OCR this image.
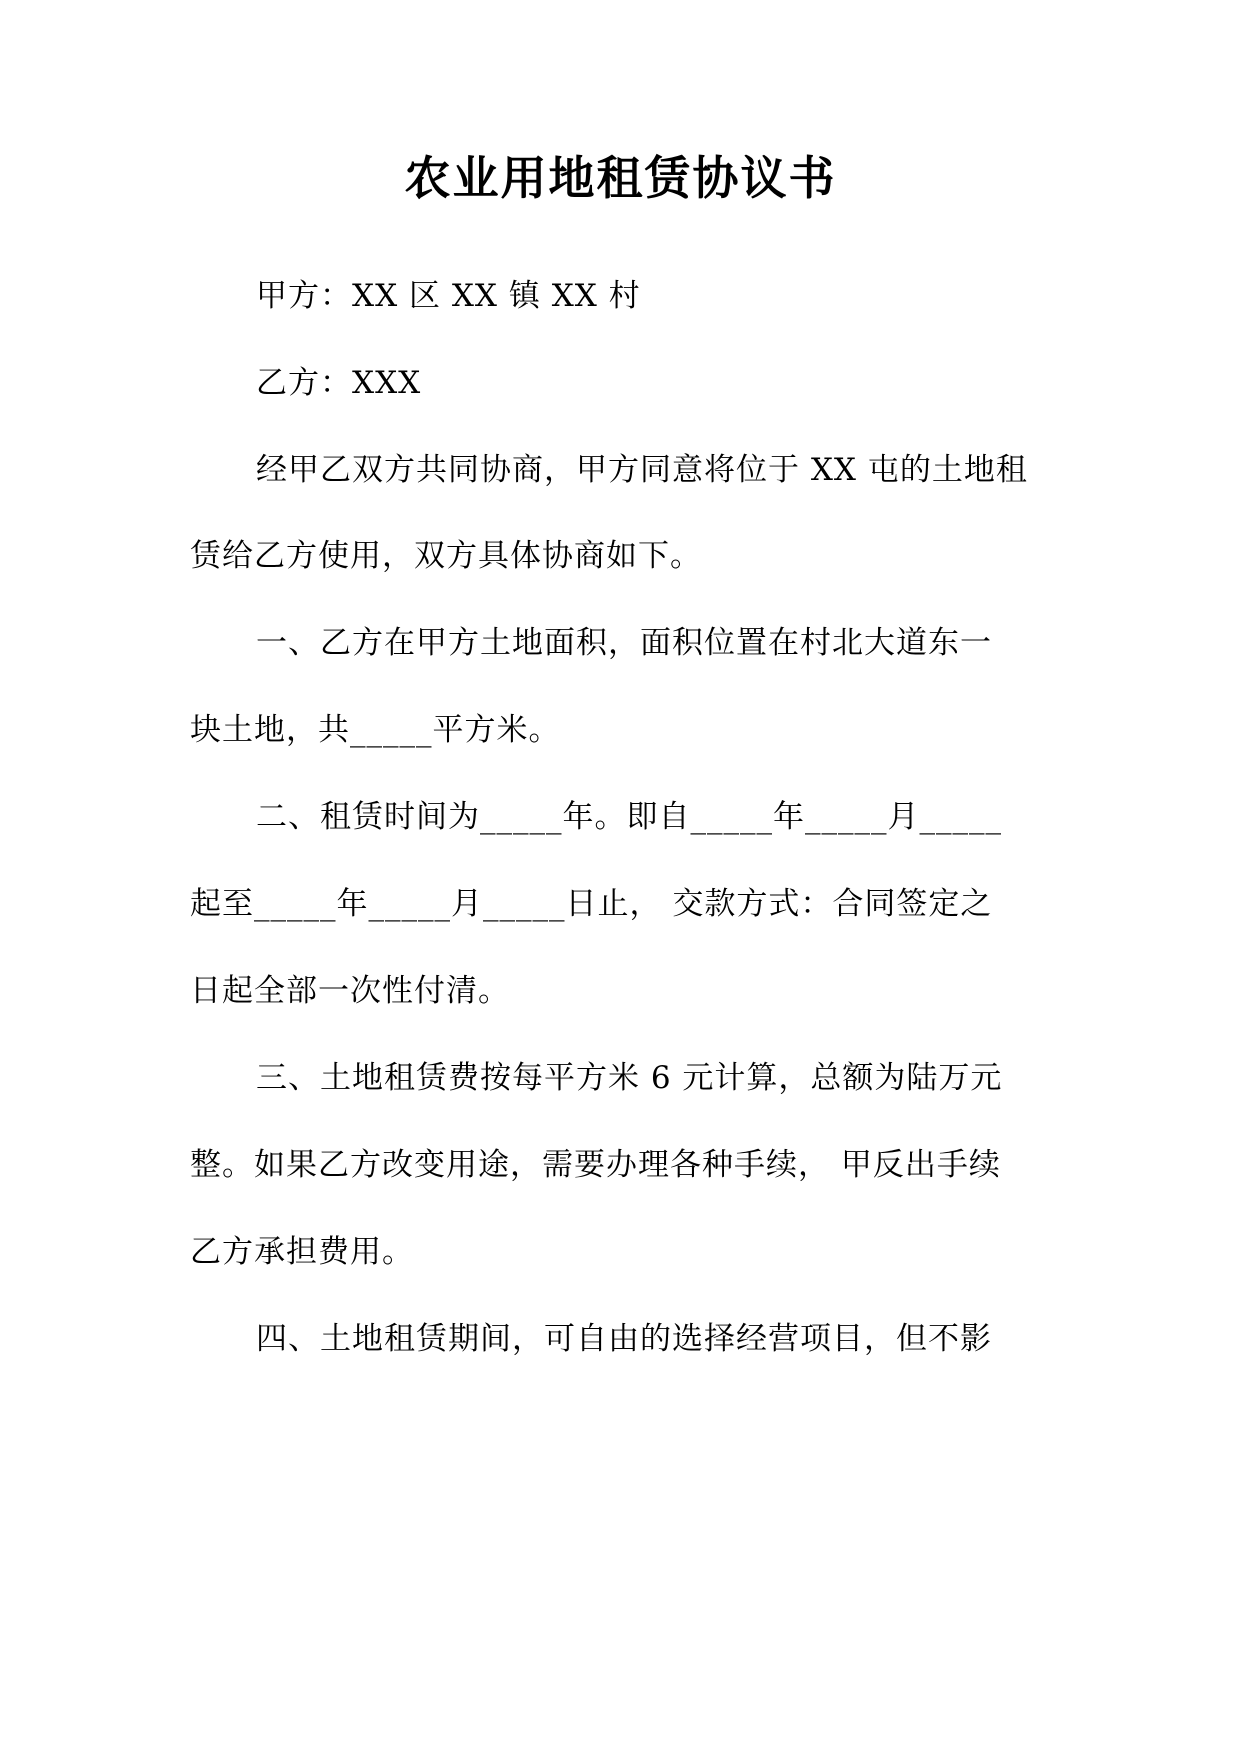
农业用地租赁协议书
甲方：XX 区 XX 镇 XX 村
乙方：XXX
经甲乙双方共同协商，甲方同意将位于 XX 屯的土地租
赁给乙方使用，双方具体协商如下。
一、乙方在甲方土地面积，面积位置在村北大道东一
块土地，共_____平方米。
二、租赁时间为_____年。即自_____年_____月_____
起至_____年_____月_____日止， 交款方式：合同签定之
日起全部一次性付清。
三、土地租赁费按每平方米 6 元计算，总额为陆万元
整。如果乙方改变用途，需要办理各种手续， 甲反出手续
乙方承担费用。
四、土地租赁期间，可自由的选择经营项目，但不影
